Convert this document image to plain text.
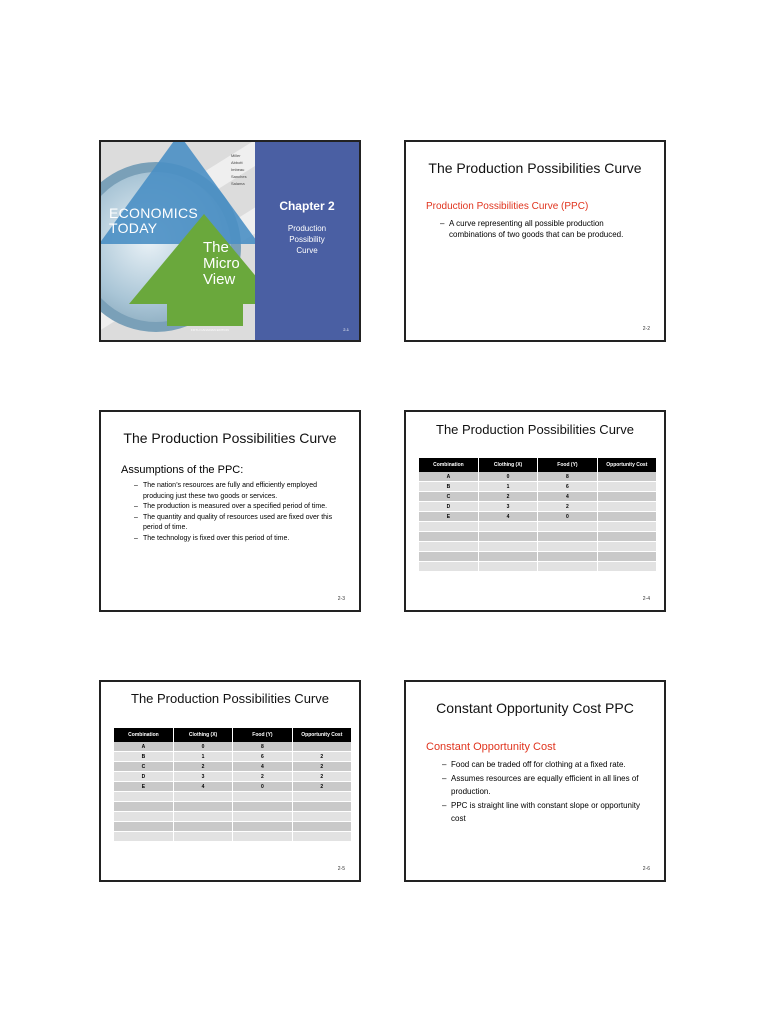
Miller
Abbott
Imbeau
Sanches
Salama
ECONOMICS
TODAY
The
Micro
View
FIFTH CANADIAN EDITION
Chapter 2
Production
Possibility
Curve
2-1
The Production Possibilities Curve
Production Possibilities Curve (PPC)
– A curve representing all possible production combinations of two goods that can be produced.
2-2
The Production Possibilities Curve
Assumptions of the PPC:
– The nation’s resources are fully and efficiently employed producing just these two goods or services.
– The production is measured over a specified period of time.
– The quantity and quality of resources used are fixed over this period of time.
– The technology is fixed over this period of time.
2-3
The Production Possibilities Curve
Combination	Clothing (X)	Food (Y)	Opportunity Cost
A	0	8	
B	1	6	
C	2	4	
D	3	2	
E	4	0	

2-4
The Production Possibilities Curve
Combination	Clothing (X)	Food (Y)	Opportunity Cost
A	0	8	
B	1	6	2
C	2	4	2
D	3	2	2
E	4	0	2

2-5
Constant Opportunity Cost PPC
Constant Opportunity Cost
– Food can be traded off for clothing at a fixed rate.
– Assumes resources are equally efficient in all lines of production.
– PPC is straight line with constant slope or opportunity cost
2-6
